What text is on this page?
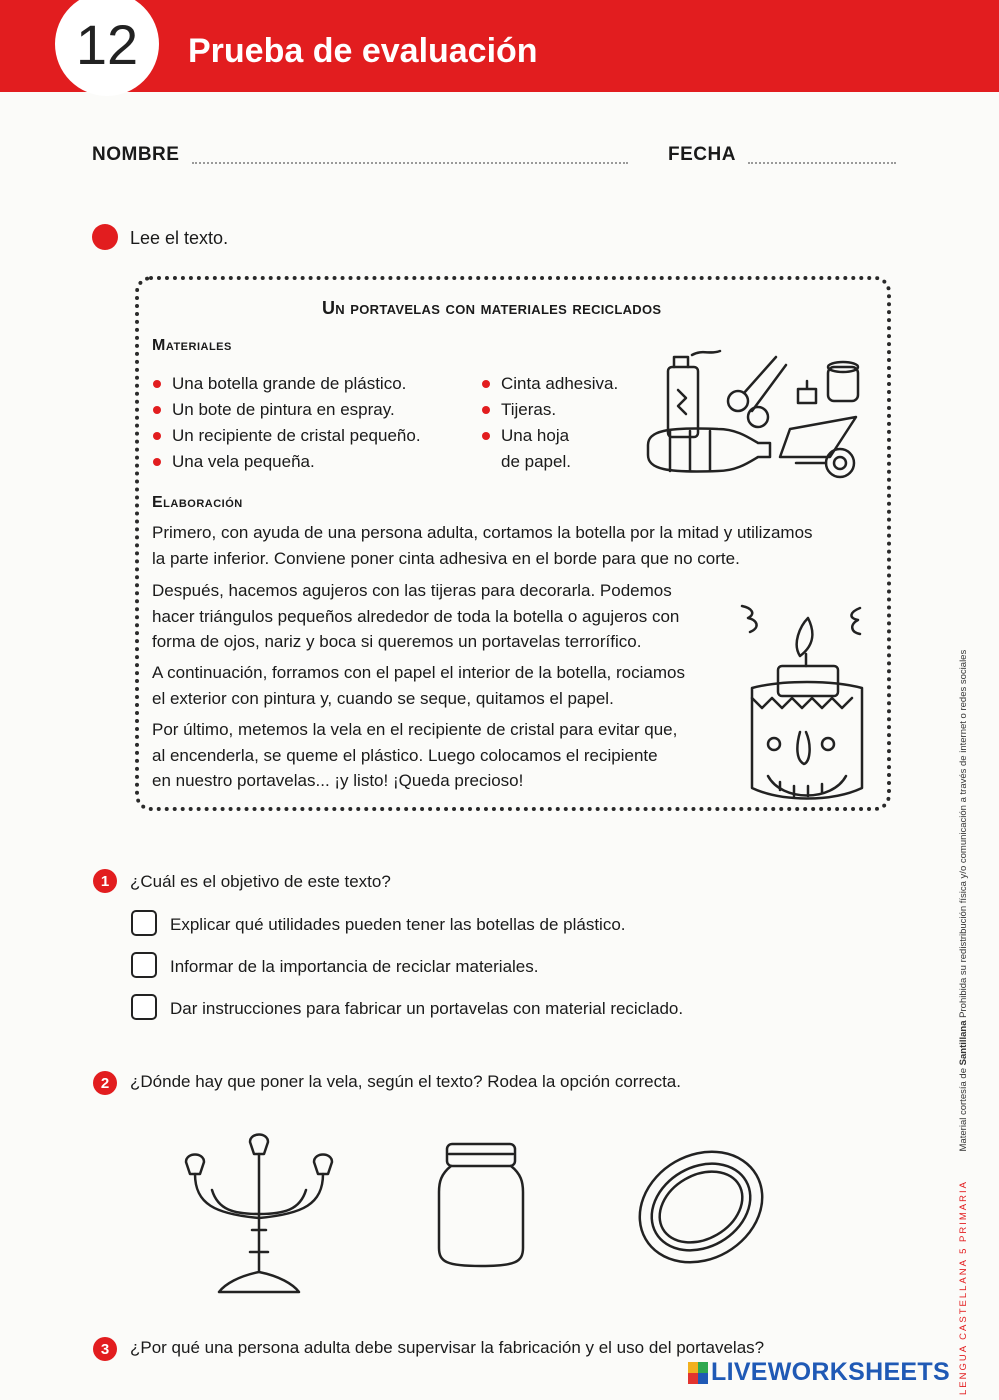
12	Prueba de evaluación
NOMBRE	FECHA
Lee el texto.
Un portavelas con materiales reciclados
Materiales
Una botella grande de plástico.
Un bote de pintura en espray.
Un recipiente de cristal pequeño.
Una vela pequeña.
Cinta adhesiva.
Tijeras.
Una hoja
de papel.
Elaboración

Primero, con ayuda de una persona adulta, cortamos la botella por la mitad y utilizamos
la parte inferior. Conviene poner cinta adhesiva en el borde para que no corte.

Después, hacemos agujeros con las tijeras para decorarla. Podemos
hacer triángulos pequeños alrededor de toda la botella o agujeros con
forma de ojos, nariz y boca si queremos un portavelas terrorífico.

A continuación, forramos con el papel el interior de la botella, rociamos
el exterior con pintura y, cuando se seque, quitamos el papel.

Por último, metemos la vela en el recipiente de cristal para evitar que,
al encenderla, se queme el plástico. Luego colocamos el recipiente
en nuestro portavelas... ¡y listo! ¡Queda precioso!

1	¿Cuál es el objetivo de este texto?
Explicar qué utilidades pueden tener las botellas de plástico.
Informar de la importancia de reciclar materiales.
Dar instrucciones para fabricar un portavelas con material reciclado.
2	¿Dónde hay que poner la vela, según el texto? Rodea la opción correcta.
3	¿Por qué una persona adulta debe supervisar la fabricación y el uso del portavelas?	LENGUA CASTELLANA 5 PRIMARIA Material cortesía de Santillana Prohibida su redistribución física y/o comunicación a través de internet o redes sociales
LIVEWORKSHEETS
